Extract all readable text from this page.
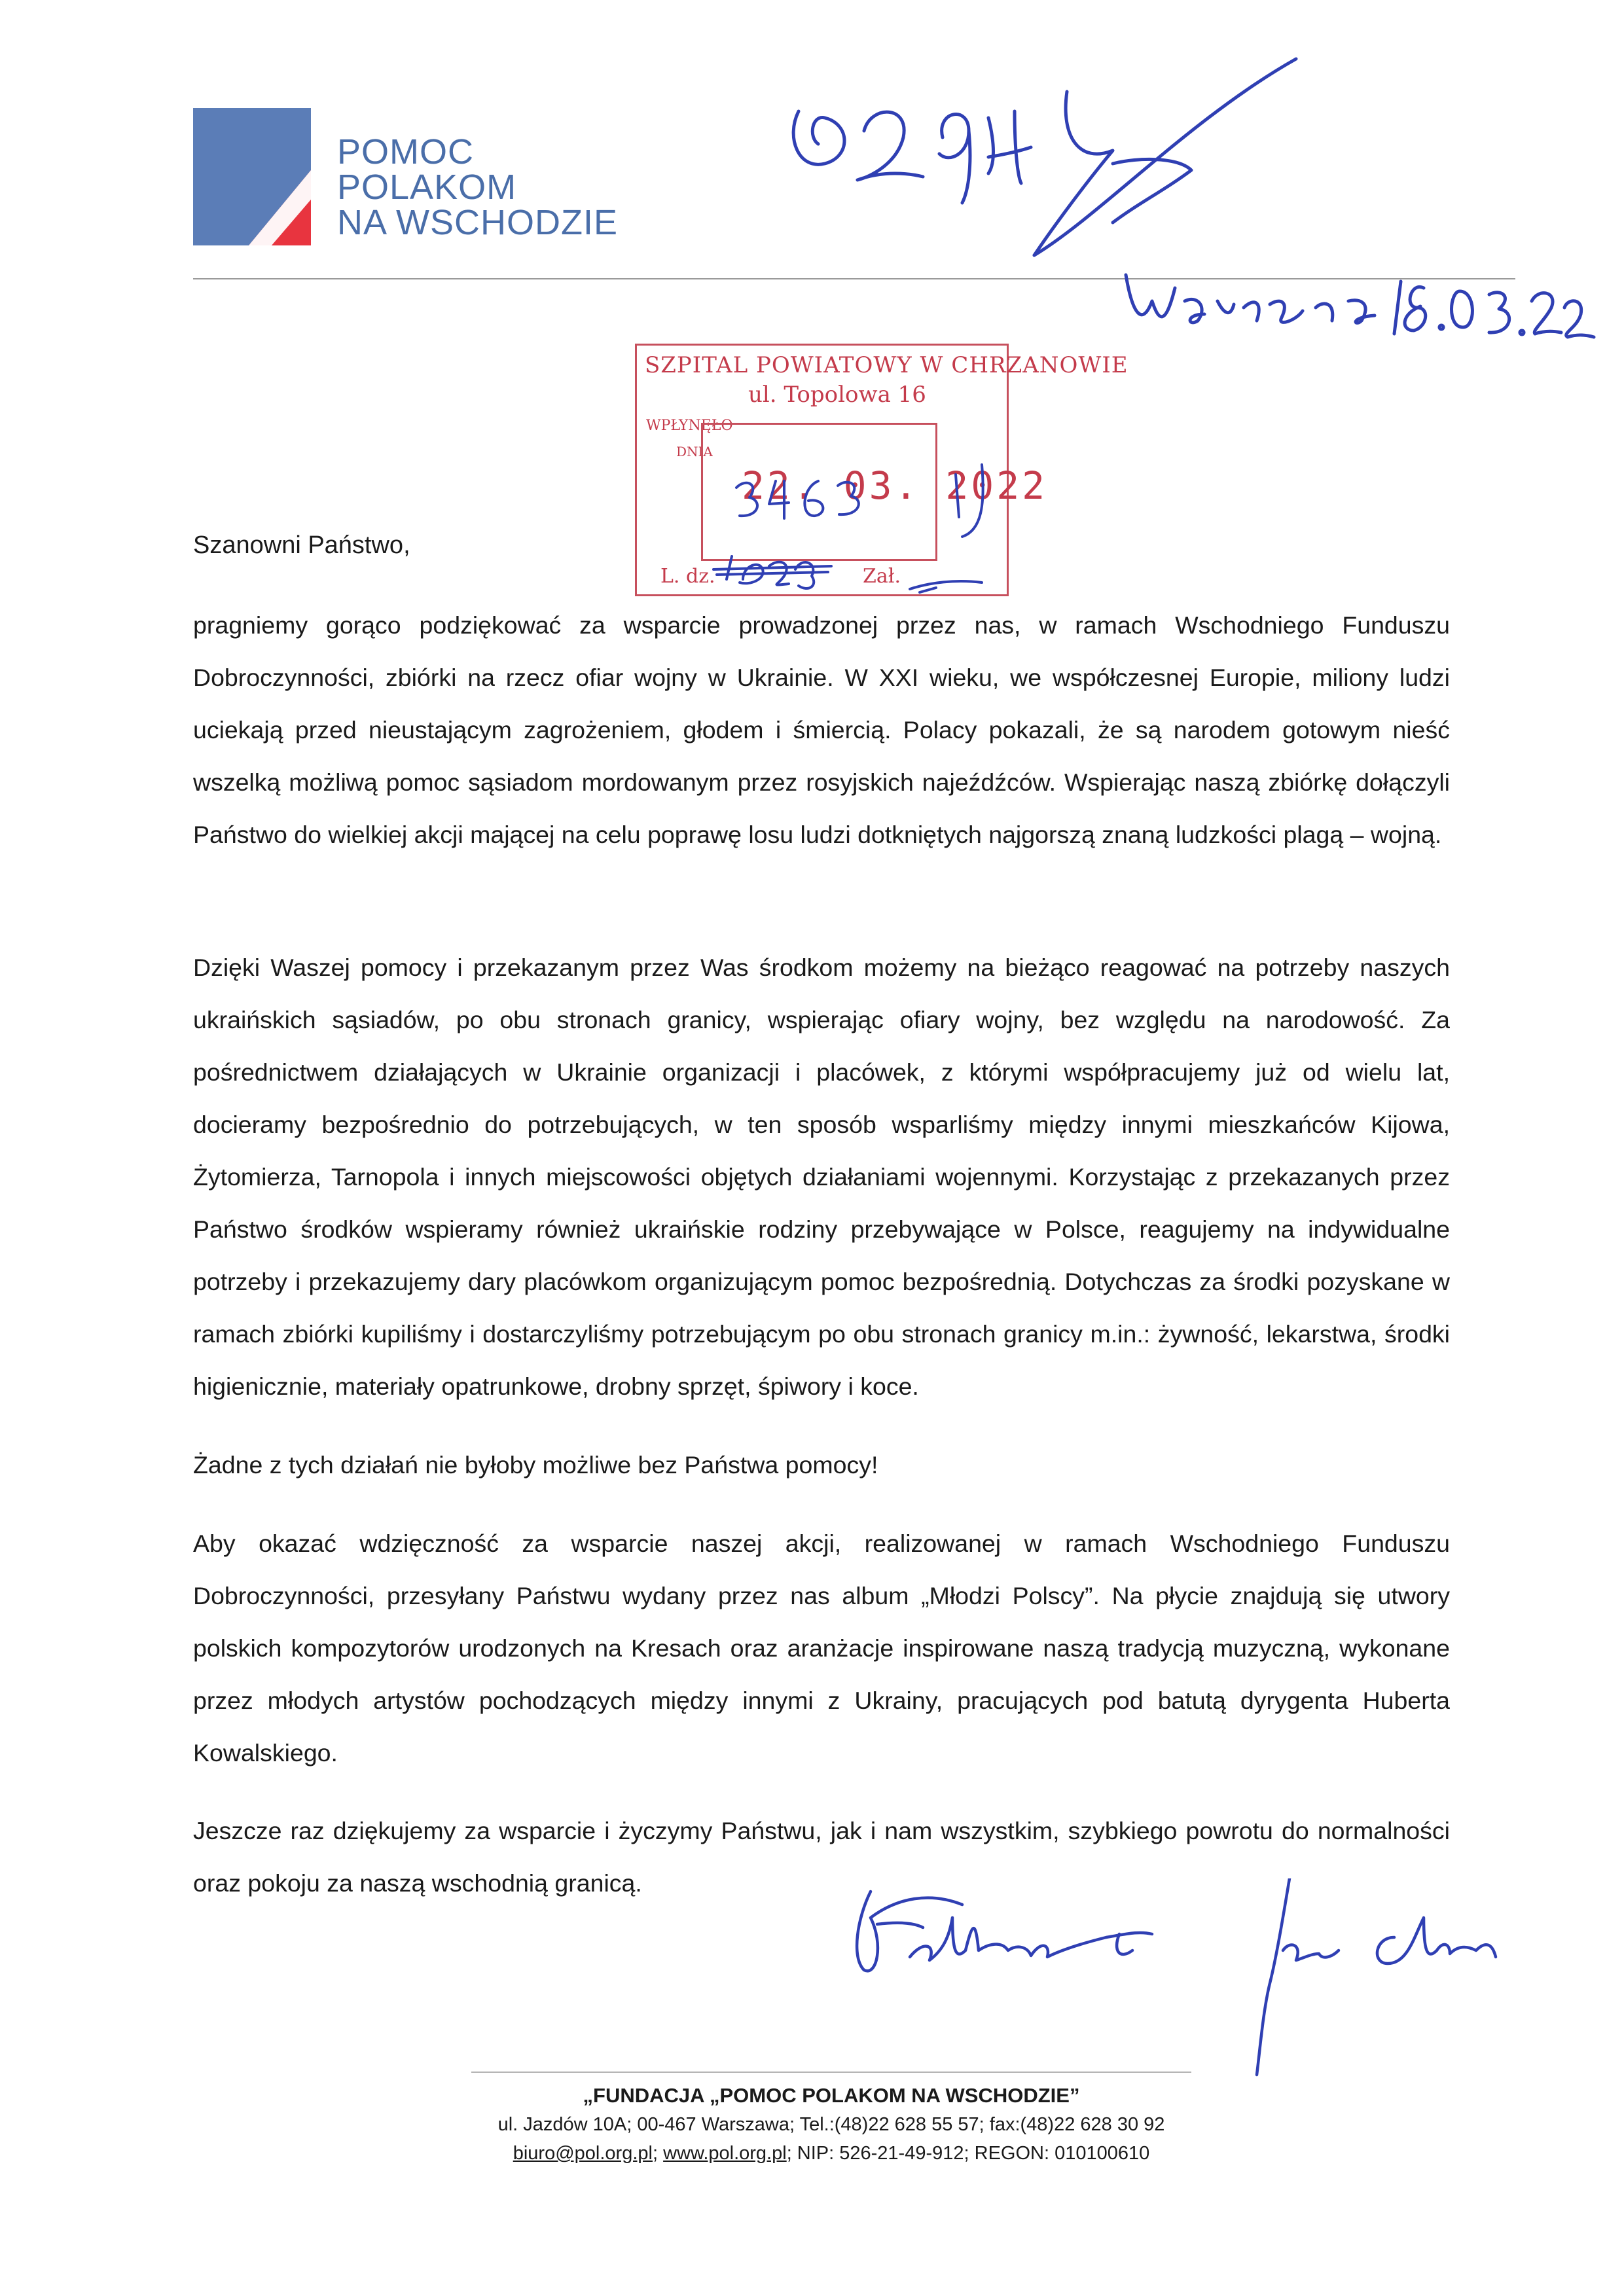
POMOC
POLAKOM
NA WSCHODZIE
SZPITAL POWIATOWY W CHRZANOWIE
ul. Topolowa 16
WPŁYNĘŁO
DNIA
22. 03. 2022
L. dz.	Zał.
Szanowni Państwo,
pragniemy gorąco podziękować za wsparcie prowadzonej przez nas, w ramach Wschodniego Funduszu Dobroczynności, zbiórki na rzecz ofiar wojny w Ukrainie. W XXI wieku, we współczesnej Europie, miliony ludzi uciekają przed nieustającym zagrożeniem, głodem i śmiercią. Polacy pokazali, że są narodem gotowym nieść wszelką możliwą pomoc sąsiadom mordowanym przez rosyjskich najeźdźców. Wspierając naszą zbiórkę dołączyli Państwo do wielkiej akcji mającej na celu poprawę losu ludzi dotkniętych najgorszą znaną ludzkości plagą – wojną.
Dzięki Waszej pomocy i przekazanym przez Was środkom możemy na bieżąco reagować na potrzeby naszych ukraińskich sąsiadów, po obu stronach granicy, wspierając ofiary wojny, bez względu na narodowość. Za pośrednictwem działających w Ukrainie organizacji i placówek, z którymi współpracujemy już od wielu lat, docieramy bezpośrednio do potrzebujących, w ten sposób wsparliśmy między innymi mieszkańców Kijowa, Żytomierza, Tarnopola i innych miejscowości objętych działaniami wojennymi. Korzystając z przekazanych przez Państwo środków wspieramy również ukraińskie rodziny przebywające w Polsce, reagujemy na indywidualne potrzeby i przekazujemy dary placówkom organizującym pomoc bezpośrednią. Dotychczas za środki pozyskane w ramach zbiórki kupiliśmy i dostarczyliśmy potrzebującym po obu stronach granicy m.in.: żywność, lekarstwa, środki higienicznie, materiały opatrunkowe, drobny sprzęt, śpiwory i koce.
Żadne z tych działań nie byłoby możliwe bez Państwa pomocy!
Aby okazać wdzięczność za wsparcie naszej akcji, realizowanej w ramach Wschodniego Funduszu Dobroczynności, przesyłany Państwu wydany przez nas album „Młodzi Polscy”. Na płycie znajdują się utwory polskich kompozytorów urodzonych na Kresach oraz aranżacje inspirowane naszą tradycją muzyczną, wykonane przez młodych artystów pochodzących między innymi z Ukrainy, pracujących pod batutą dyrygenta Huberta Kowalskiego.
Jeszcze raz dziękujemy za wsparcie i życzymy Państwu, jak i nam wszystkim, szybkiego powrotu do normalności oraz pokoju za naszą wschodnią granicą.
„FUNDACJA „POMOC POLAKOM NA WSCHODZIE”
ul. Jazdów 10A; 00-467 Warszawa; Tel.:(48)22 628 55 57; fax:(48)22 628 30 92
biuro@pol.org.pl; www.pol.org.pl; NIP: 526-21-49-912; REGON: 010100610
